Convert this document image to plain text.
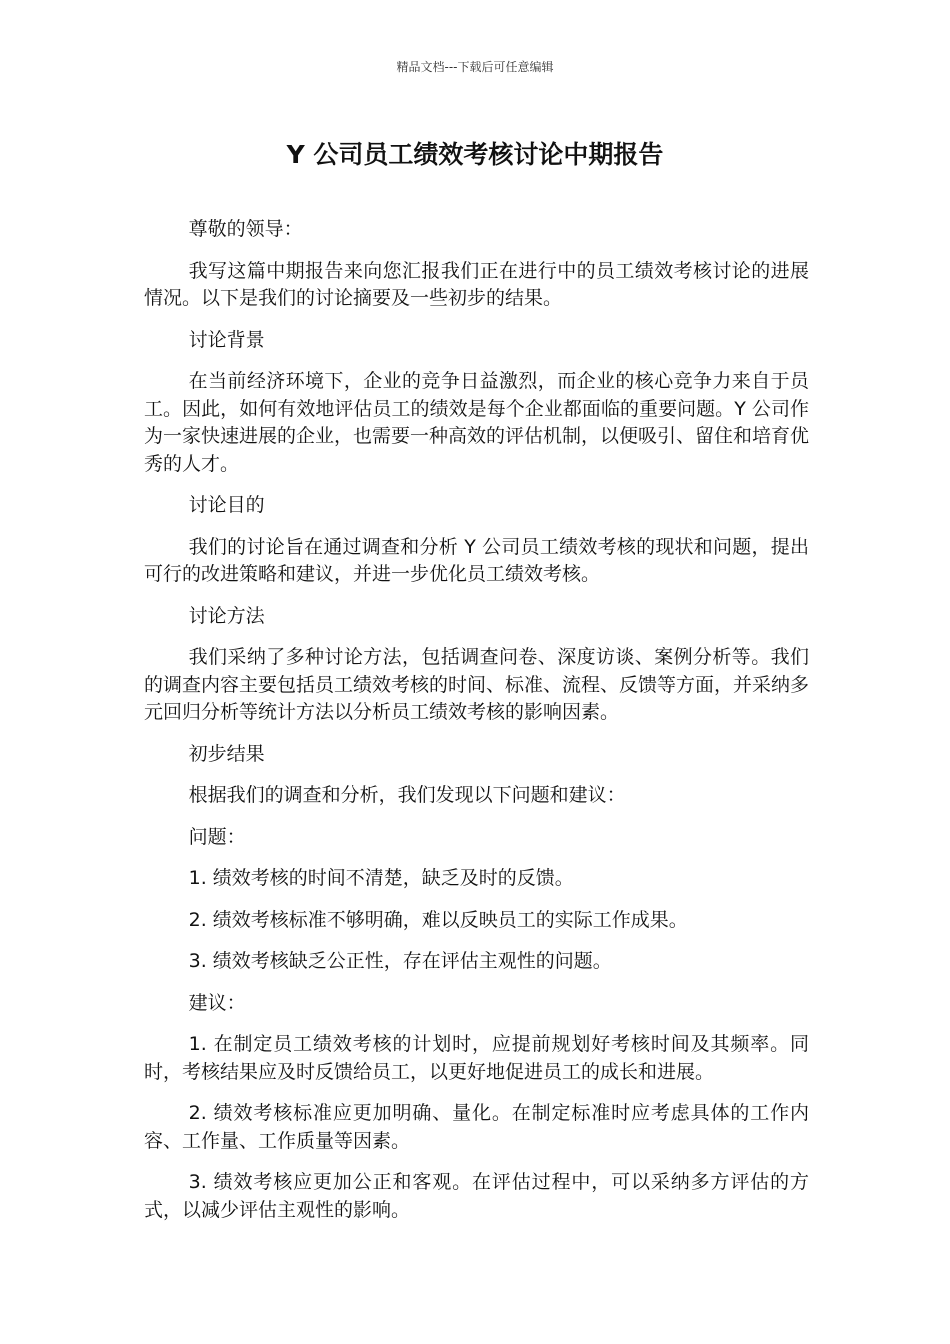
精品文档---下载后可任意编辑
Y 公司员工绩效考核讨论中期报告

尊敬的领导：

我写这篇中期报告来向您汇报我们正在进行中的员工绩效考核讨论的进展情况。以下是我们的讨论摘要及一些初步的结果。

讨论背景

在当前经济环境下，企业的竞争日益激烈，而企业的核心竞争力来自于员工。因此，如何有效地评估员工的绩效是每个企业都面临的重要问题。Y 公司作为一家快速进展的企业，也需要一种高效的评估机制，以便吸引、留住和培育优秀的人才。

讨论目的

我们的讨论旨在通过调查和分析 Y 公司员工绩效考核的现状和问题，提出可行的改进策略和建议，并进一步优化员工绩效考核。

讨论方法

我们采纳了多种讨论方法，包括调查问卷、深度访谈、案例分析等。我们的调查内容主要包括员工绩效考核的时间、标准、流程、反馈等方面，并采纳多元回归分析等统计方法以分析员工绩效考核的影响因素。

初步结果

根据我们的调查和分析，我们发现以下问题和建议：

问题：

1. 绩效考核的时间不清楚，缺乏及时的反馈。

2. 绩效考核标准不够明确，难以反映员工的实际工作成果。

3. 绩效考核缺乏公正性，存在评估主观性的问题。

建议：

1. 在制定员工绩效考核的计划时，应提前规划好考核时间及其频率。同时，考核结果应及时反馈给员工，以更好地促进员工的成长和进展。

2. 绩效考核标准应更加明确、量化。在制定标准时应考虑具体的工作内容、工作量、工作质量等因素。

3. 绩效考核应更加公正和客观。在评估过程中，可以采纳多方评估的方式，以减少评估主观性的影响。
